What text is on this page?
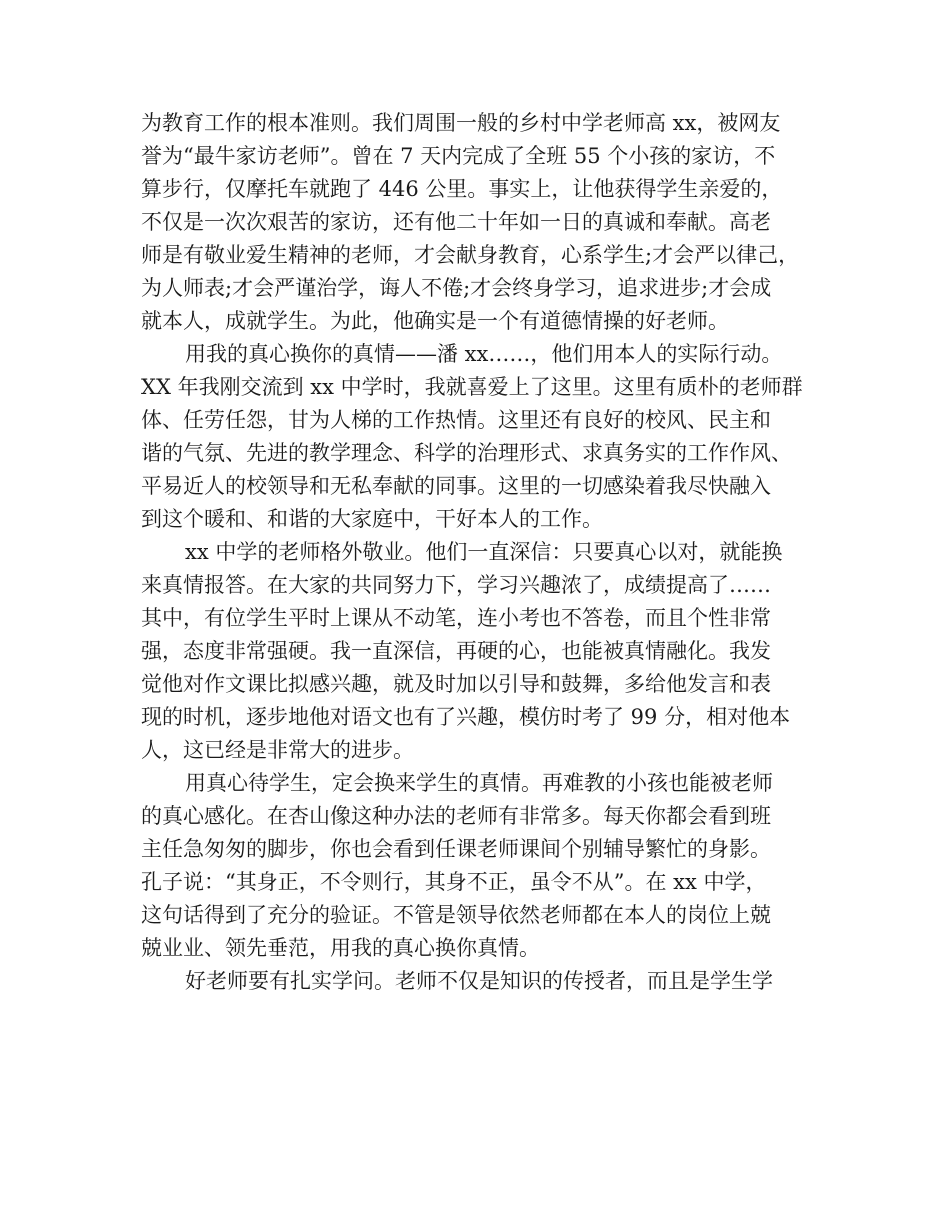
为教育工作的根本准则。我们周围一般的乡村中学老师高 xx，被网友
誉为“最牛家访老师”。曾在 7 天内完成了全班 55 个小孩的家访，不
算步行，仅摩托车就跑了 446 公里。事实上，让他获得学生亲爱的，
不仅是一次次艰苦的家访，还有他二十年如一日的真诚和奉献。高老
师是有敬业爱生精神的老师，才会献身教育，心系学生;才会严以律己，
为人师表;才会严谨治学，诲人不倦;才会终身学习，追求进步;才会成
就本人，成就学生。为此，他确实是一个有道德情操的好老师。
用我的真心换你的真情——潘 xx……，他们用本人的实际行动。
XX 年我刚交流到 xx 中学时，我就喜爱上了这里。这里有质朴的老师群
体、任劳任怨，甘为人梯的工作热情。这里还有良好的校风、民主和
谐的气氛、先进的教学理念、科学的治理形式、求真务实的工作作风、
平易近人的校领导和无私奉献的同事。这里的一切感染着我尽快融入
到这个暖和、和谐的大家庭中，干好本人的工作。
xx 中学的老师格外敬业。他们一直深信：只要真心以对，就能换
来真情报答。在大家的共同努力下，学习兴趣浓了，成绩提高了……
其中，有位学生平时上课从不动笔，连小考也不答卷，而且个性非常
强，态度非常强硬。我一直深信，再硬的心，也能被真情融化。我发
觉他对作文课比拟感兴趣，就及时加以引导和鼓舞，多给他发言和表
现的时机，逐步地他对语文也有了兴趣，模仿时考了 99 分，相对他本
人，这已经是非常大的进步。
用真心待学生，定会换来学生的真情。再难教的小孩也能被老师
的真心感化。在杏山像这种办法的老师有非常多。每天你都会看到班
主任急匆匆的脚步，你也会看到任课老师课间个别辅导繁忙的身影。
孔子说：“其身正，不令则行，其身不正，虽令不从”。在 xx 中学，
这句话得到了充分的验证。不管是领导依然老师都在本人的岗位上兢
兢业业、领先垂范，用我的真心换你真情。
好老师要有扎实学问。老师不仅是知识的传授者，而且是学生学
